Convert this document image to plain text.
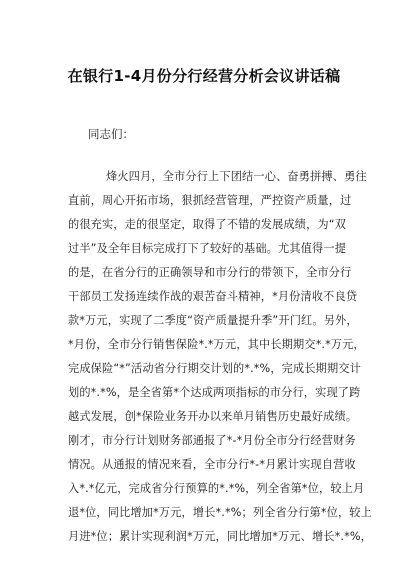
在银行1-4月份分行经营分析会议讲话稿

同志们：

烽火四月，全市分行上下团结一心、奋勇拼搏、勇往
直前，周心开拓市场，狠抓经营管理，严控资产质量，过
的很充实，走的很坚定，取得了不错的发展成绩，为“双
过半”及全年目标完成打下了较好的基础。尤其值得一提
的是，在省分行的正确领导和市分行的带领下，全市分行
干部员工发扬连续作战的艰苦奋斗精神，*月份清收不良贷
款*万元，实现了二季度“资产质量提升季”开门红。另外，
*月份，全市分行销售保险*.*万元，其中长期期交*.*万元，
完成保险“*”活动省分行期交计划的*.*%，完成长期期交计
划的*.*%，是全省第*个达成两项指标的市分行，实现了跨
越式发展，创*保险业务开办以来单月销售历史最好成绩。
刚才，市分行计划财务部通报了*-*月份全市分行经营财务
情况。从通报的情况来看，全市分行*-*月累计实现自营收
入*.*亿元，完成省分行预算的*.*%，列全省第*位，较上月
退*位，同比增加*万元，增长*.*%；列全省分行第*位，较上
月进*位；累计实现利润*万元，同比增加*万元、增长*.*%，
